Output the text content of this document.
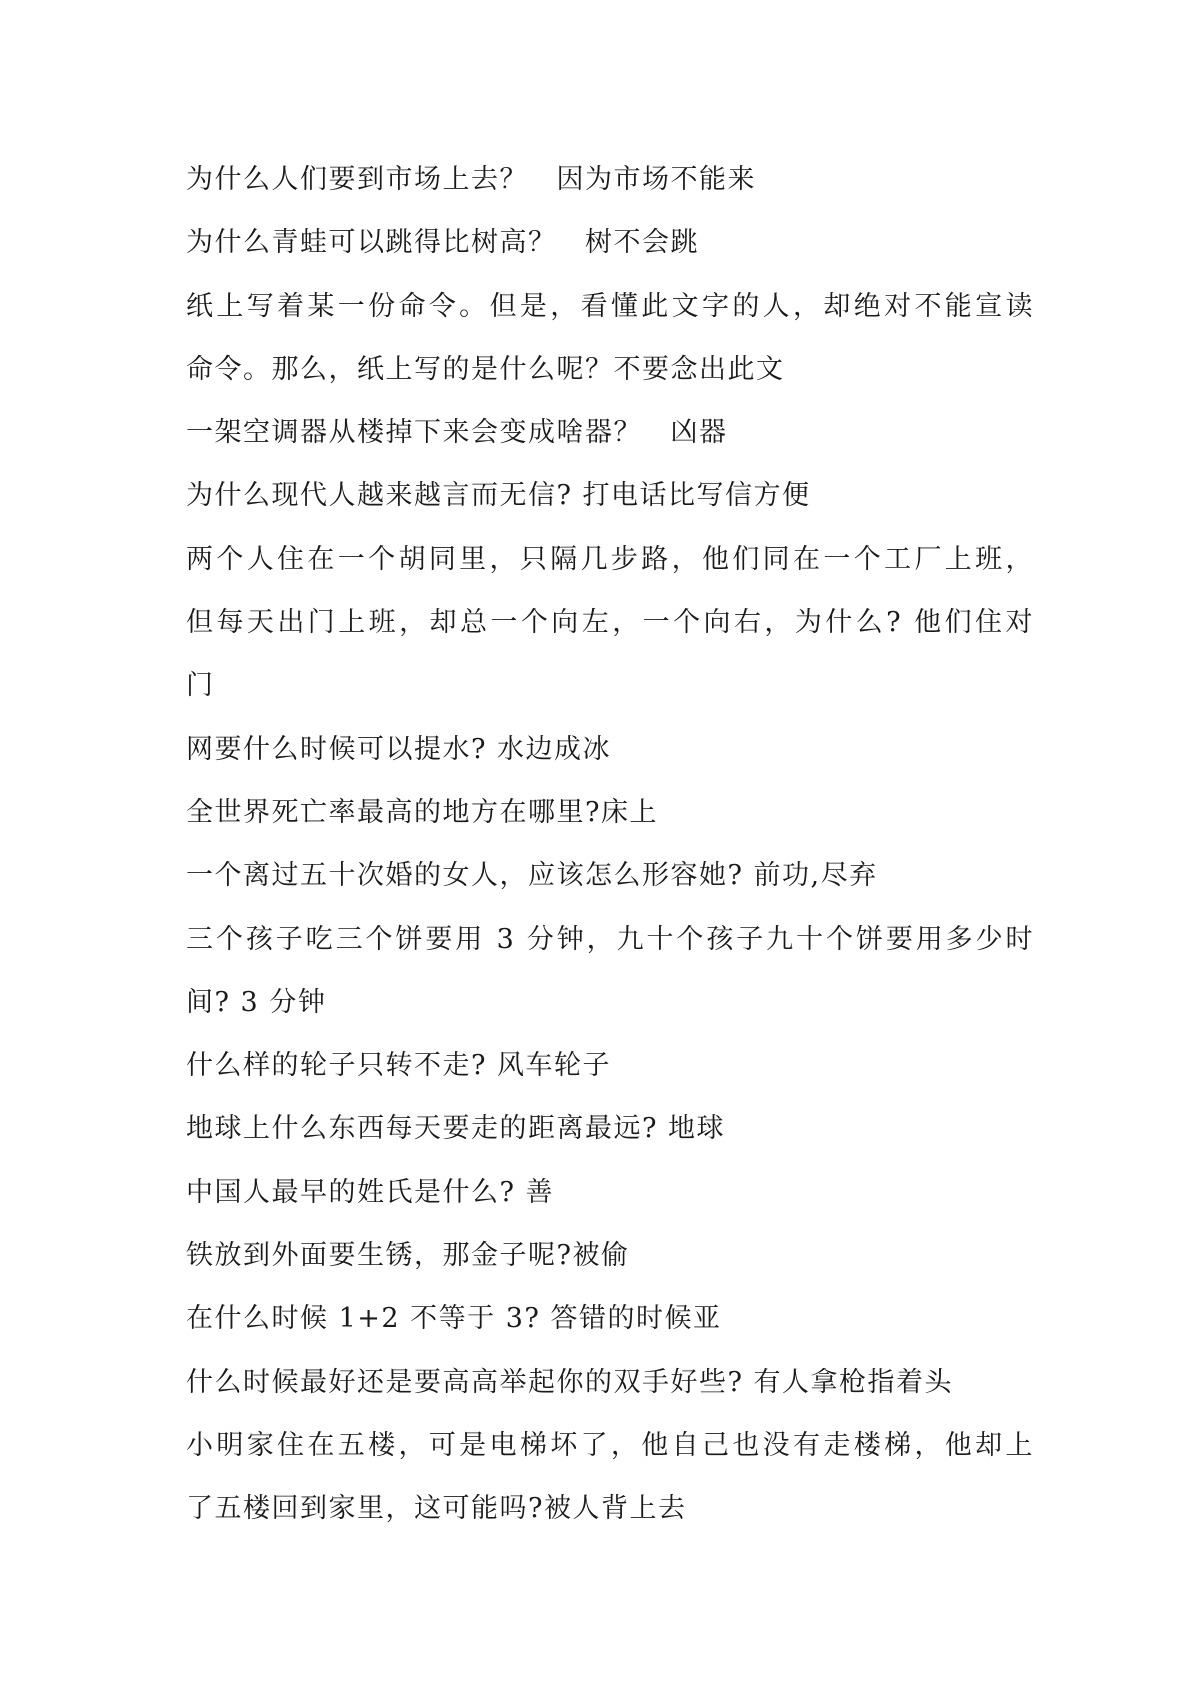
为什么人们要到市场上去？　因为市场不能来
为什么青蛙可以跳得比树高？　树不会跳
纸上写着某一份命令。但是，看懂此文字的人，却绝对不能宣读
命令。那么，纸上写的是什么呢？不要念出此文
一架空调器从楼掉下来会变成啥器？　凶器
为什么现代人越来越言而无信? 打电话比写信方便
两个人住在一个胡同里，只隔几步路，他们同在一个工厂上班，
但每天出门上班，却总一个向左，一个向右，为什么? 他们住对
门
网要什么时候可以提水? 水边成冰
全世界死亡率最高的地方在哪里?床上
一个离过五十次婚的女人，应该怎么形容她? 前功,尽弃
三个孩子吃三个饼要用 3 分钟，九十个孩子九十个饼要用多少时
间? 3 分钟
什么样的轮子只转不走? 风车轮子
地球上什么东西每天要走的距离最远? 地球
中国人最早的姓氏是什么? 善
铁放到外面要生锈，那金子呢?被偷
在什么时候 1+2 不等于 3? 答错的时候亚
什么时候最好还是要高高举起你的双手好些? 有人拿枪指着头
小明家住在五楼，可是电梯坏了，他自己也没有走楼梯，他却上
了五楼回到家里，这可能吗?被人背上去
